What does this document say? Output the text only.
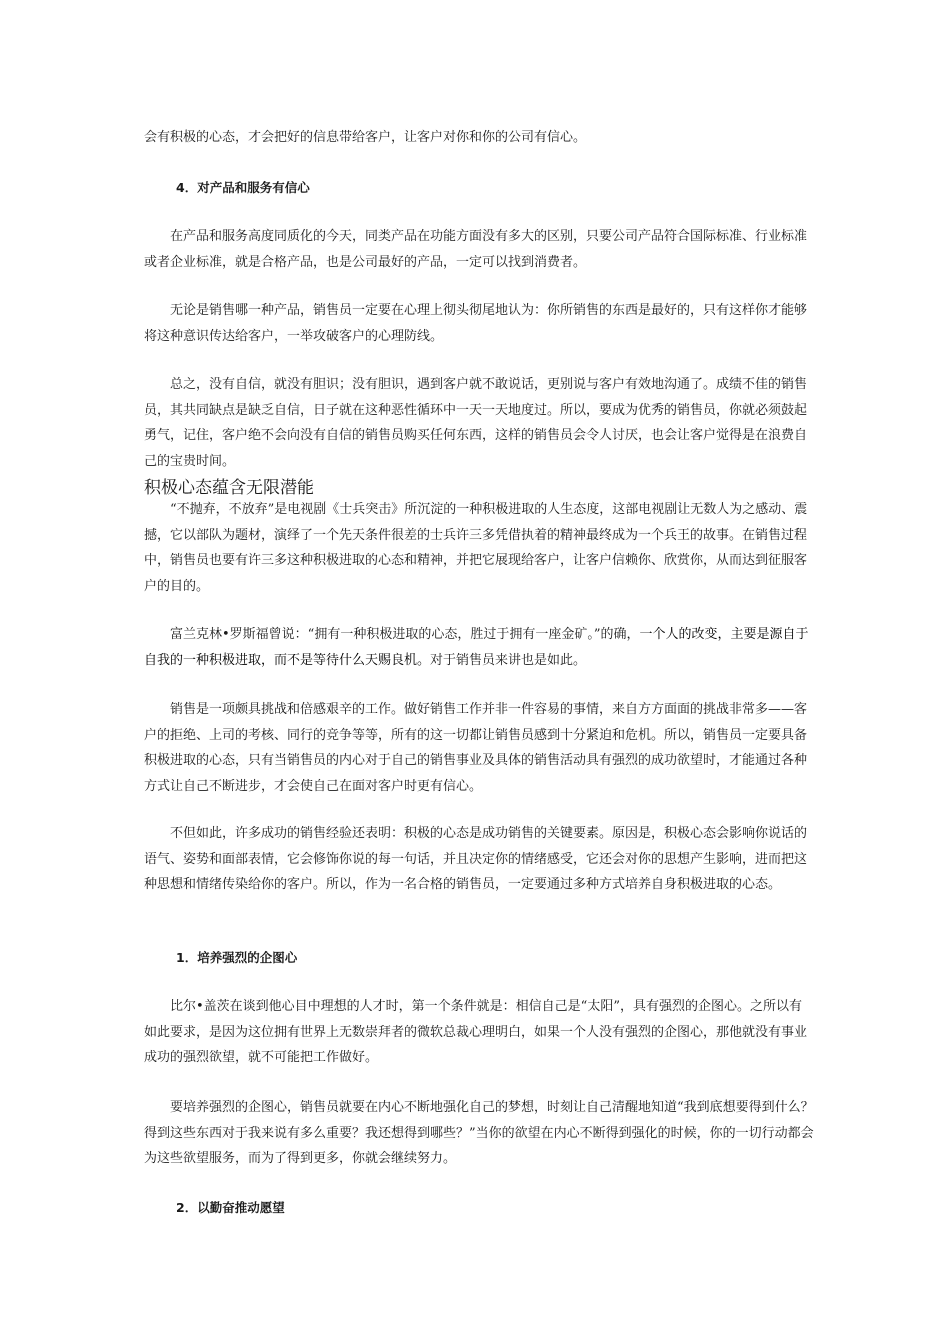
会有积极的心态，才会把好的信息带给客户，让客户对你和你的公司有信心。

4．对产品和服务有信心

在产品和服务高度同质化的今天，同类产品在功能方面没有多大的区别，只要公司产品符合国际标准、行业标准或者企业标准，就是合格产品，也是公司最好的产品，一定可以找到消费者。

无论是销售哪一种产品，销售员一定要在心理上彻头彻尾地认为：你所销售的东西是最好的，只有这样你才能够将这种意识传达给客户，一举攻破客户的心理防线。

总之，没有自信，就没有胆识；没有胆识，遇到客户就不敢说话，更别说与客户有效地沟通了。成绩不佳的销售员，其共同缺点是缺乏自信，日子就在这种恶性循环中一天一天地度过。所以，要成为优秀的销售员，你就必须鼓起勇气，记住，客户绝不会向没有自信的销售员购买任何东西，这样的销售员会令人讨厌，也会让客户觉得是在浪费自己的宝贵时间。

积极心态蕴含无限潜能

“不抛弃，不放弃”是电视剧《士兵突击》所沉淀的一种积极进取的人生态度，这部电视剧让无数人为之感动、震撼，它以部队为题材，演绎了一个先天条件很差的士兵许三多凭借执着的精神最终成为一个兵王的故事。在销售过程中，销售员也要有许三多这种积极进取的心态和精神，并把它展现给客户，让客户信赖你、欣赏你，从而达到征服客户的目的。

富兰克林•罗斯福曾说：“拥有一种积极进取的心态，胜过于拥有一座金矿。”的确，一个人的改变，主要是源自于自我的一种积极进取，而不是等待什么天赐良机。对于销售员来讲也是如此。

销售是一项颇具挑战和倍感艰辛的工作。做好销售工作并非一件容易的事情，来自方方面面的挑战非常多——客户的拒绝、上司的考核、同行的竞争等等，所有的这一切都让销售员感到十分紧迫和危机。所以，销售员一定要具备积极进取的心态，只有当销售员的内心对于自己的销售事业及具体的销售活动具有强烈的成功欲望时，才能通过各种方式让自己不断进步，才会使自己在面对客户时更有信心。

不但如此，许多成功的销售经验还表明：积极的心态是成功销售的关键要素。原因是，积极心态会影响你说话的语气、姿势和面部表情，它会修饰你说的每一句话，并且决定你的情绪感受，它还会对你的思想产生影响，进而把这种思想和情绪传染给你的客户。所以，作为一名合格的销售员，一定要通过多种方式培养自身积极进取的心态。

1．培养强烈的企图心

比尔•盖茨在谈到他心目中理想的人才时，第一个条件就是：相信自己是“太阳”，具有强烈的企图心。之所以有如此要求，是因为这位拥有世界上无数崇拜者的微软总裁心理明白，如果一个人没有强烈的企图心，那他就没有事业成功的强烈欲望，就不可能把工作做好。

要培养强烈的企图心，销售员就要在内心不断地强化自己的梦想，时刻让自己清醒地知道“我到底想要得到什么？得到这些东西对于我来说有多么重要？我还想得到哪些？”当你的欲望在内心不断得到强化的时候，你的一切行动都会为这些欲望服务，而为了得到更多，你就会继续努力。

2．以勤奋推动愿望
